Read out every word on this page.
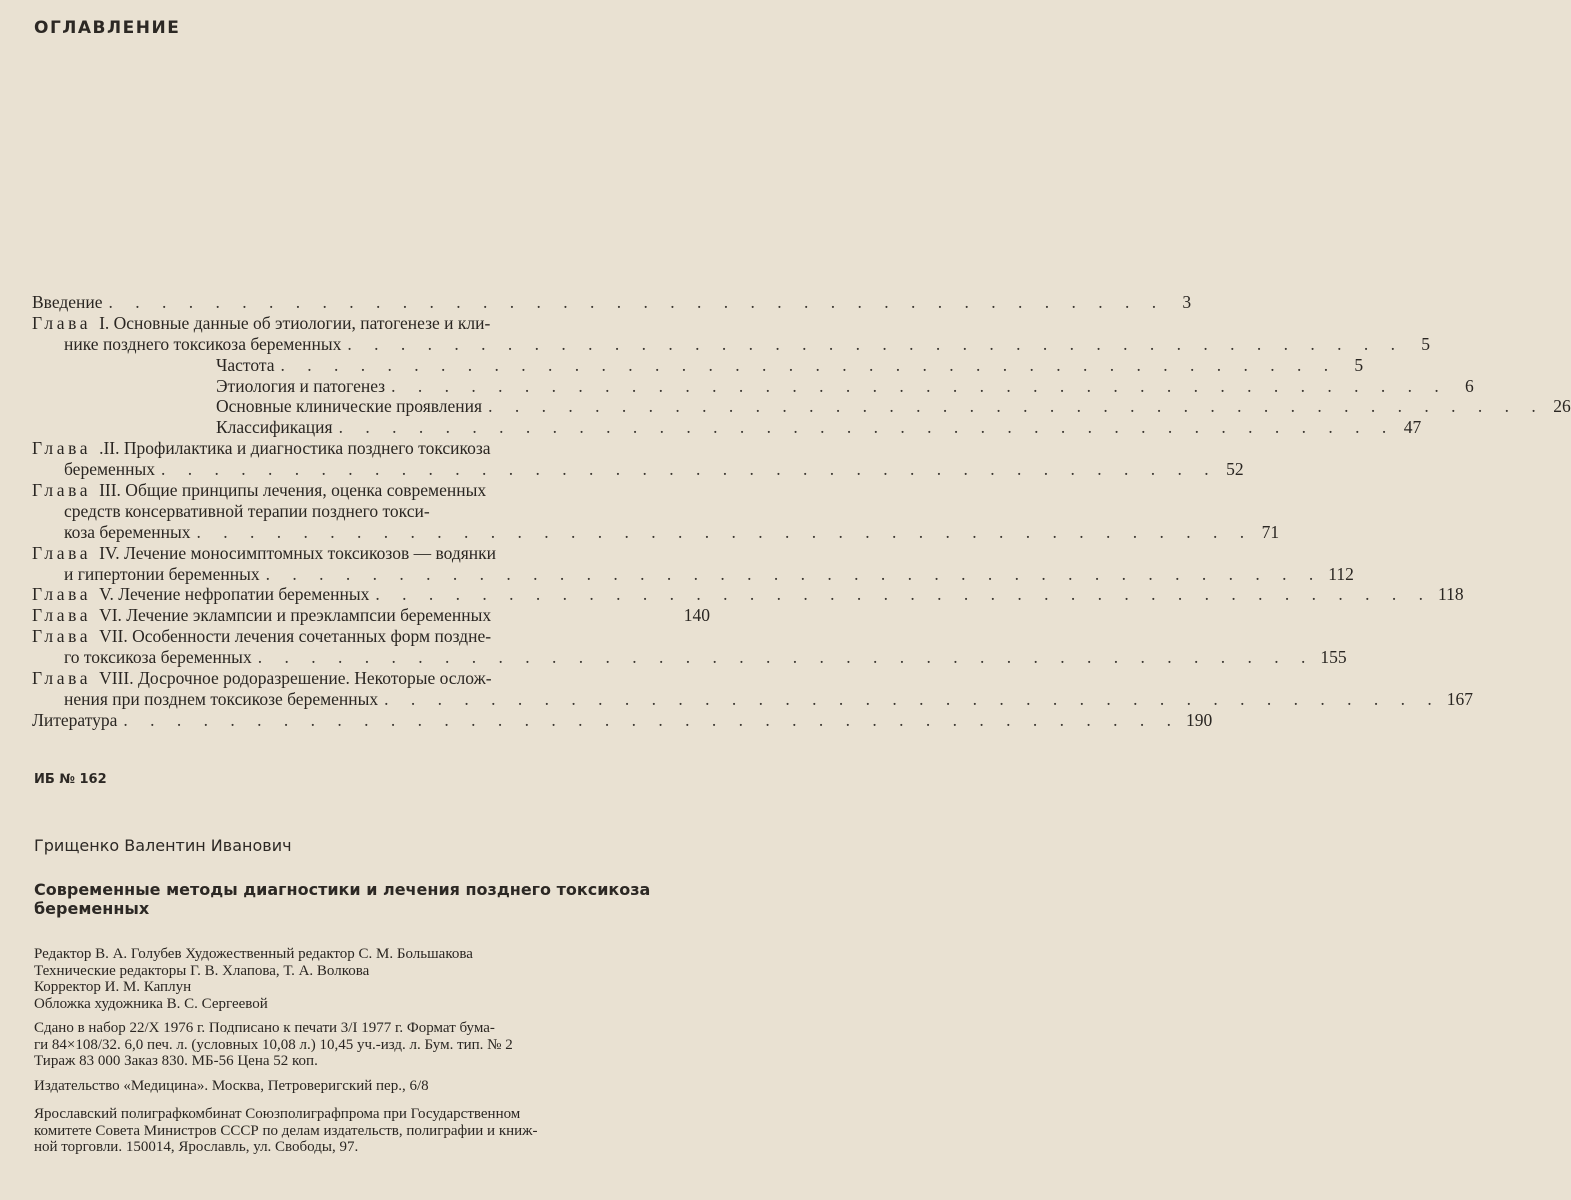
ОГЛАВЛЕНИЕ
Введение . . . . . . . . . . . . . . . . . . . . . . . . . . . . . . . . . . . . . . . . 3
Глава I. Основные данные об этиологии, патогенезе и кли-
нике позднего токсикоза беременных . . . . . . . . . . . . . . . . . . . . . . . . . . . . . . . . . . . . . . . . 5
Частота . . . . . . . . . . . . . . . . . . . . . . . . . . . . . . . . . . . . . . . . 5
Этиология и патогенез . . . . . . . . . . . . . . . . . . . . . . . . . . . . . . . . . . . . . . . . 6
Основные клинические проявления . . . . . . . . . . . . . . . . . . . . . . . . . . . . . . . . . . . . . . . . 26
Классификация . . . . . . . . . . . . . . . . . . . . . . . . . . . . . . . . . . . . . . . . 47
Глава .II. Профилактика и диагностика позднего токсикоза
беременных . . . . . . . . . . . . . . . . . . . . . . . . . . . . . . . . . . . . . . . . 52
Глава III. Общие принципы лечения, оценка современных
средств консервативной терапии позднего токси-
коза беременных . . . . . . . . . . . . . . . . . . . . . . . . . . . . . . . . . . . . . . . . 71
Глава IV. Лечение моносимптомных токсикозов — водянки
и гипертонии беременных . . . . . . . . . . . . . . . . . . . . . . . . . . . . . . . . . . . . . . . . 112
Глава V. Лечение нефропатии беременных . . . . . . . . . . . . . . . . . . . . . . . . . . . . . . . . . . . . . . . . 118
Глава VI. Лечение эклампсии и преэклампсии беременных	140
Глава VII. Особенности лечения сочетанных форм поздне-
го токсикоза беременных . . . . . . . . . . . . . . . . . . . . . . . . . . . . . . . . . . . . . . . . 155
Глава VIII. Досрочное родоразрешение. Некоторые ослож-
нения при позднем токсикозе беременных . . . . . . . . . . . . . . . . . . . . . . . . . . . . . . . . . . . . . . . . 167
Литература . . . . . . . . . . . . . . . . . . . . . . . . . . . . . . . . . . . . . . . . 190
ИБ № 162
Грищенко Валентин Иванович
Современные методы диагностики и лечения позднего токсикоза беременных
Редактор В. А. Голубев Художественный редактор С. М. Большакова
Технические редакторы Г. В. Хлапова, Т. А. Волкова
Корректор И. М. Каплун
Обложка художника В. С. Сергеевой
Сдано в набор 22/X 1976 г. Подписано к печати 3/I 1977 г. Формат бума-
ги 84×108/32. 6,0 печ. л. (условных 10,08 л.) 10,45 уч.-изд. л. Бум. тип. № 2
Тираж 83 000 Заказ 830. МБ-56 Цена 52 коп.
Издательство «Медицина». Москва, Петроверигский пер., 6/8
Ярославский полиграфкомбинат Союзполиграфпрома при Государственном
комитете Совета Министров СССР по делам издательств, полиграфии и книж-
ной торговли. 150014, Ярославль, ул. Свободы, 97.
